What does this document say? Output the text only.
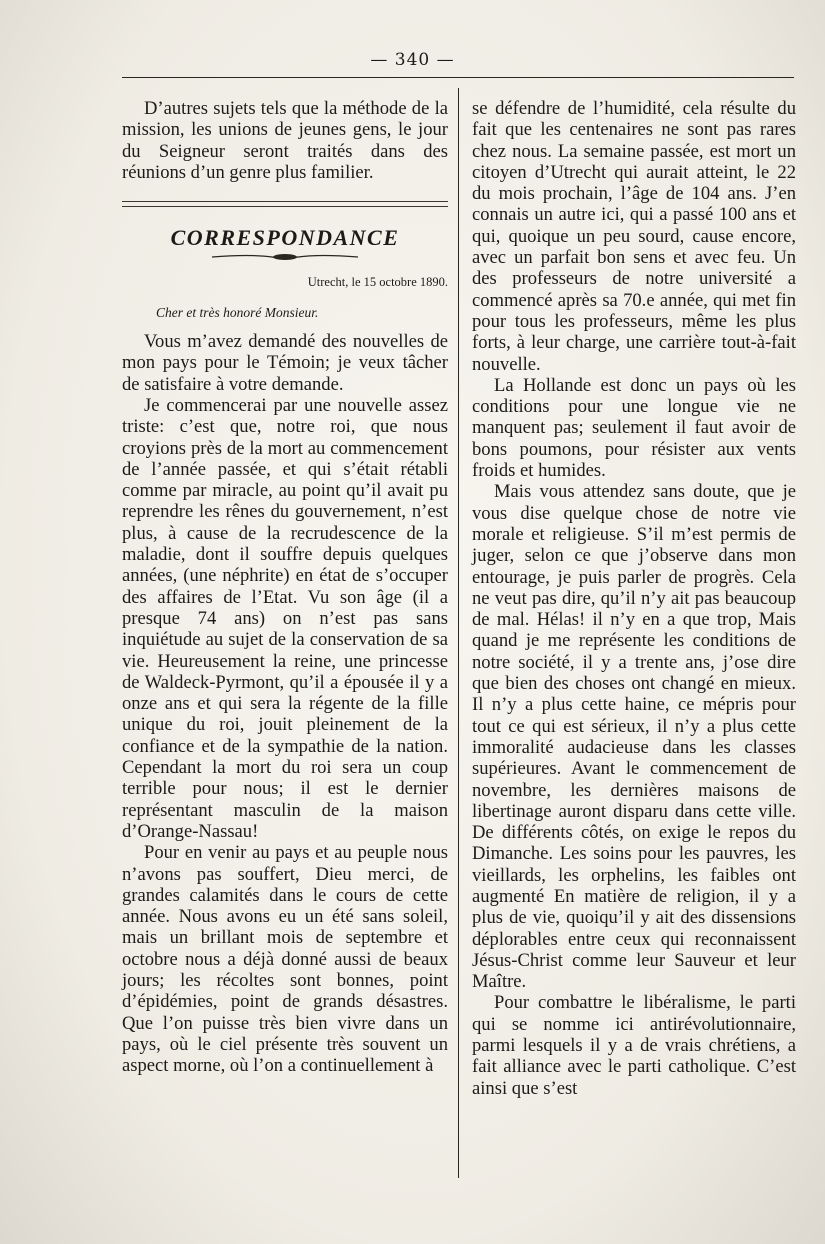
— 340 —

D’autres sujets tels que la méthode de la mission, les unions de jeunes gens, le jour du Seigneur seront traités dans des réunions d’un genre plus familier.

CORRESPONDANCE

Utrecht, le 15 octobre 1890.

Cher et très honoré Monsieur.

Vous m’avez demandé des nouvelles de mon pays pour le Témoin; je veux tâcher de satisfaire à votre demande.

Je commencerai par une nouvelle assez triste: c’est que, notre roi, que nous croyions près de la mort au commencement de l’année passée, et qui s’était rétabli comme par miracle, au point qu’il avait pu reprendre les rênes du gouvernement, n’est plus, à cause de la recrudescence de la maladie, dont il souffre depuis quelques années, (une néphrite) en état de s’occuper des affaires de l’Etat. Vu son âge (il a presque 74 ans) on n’est pas sans inquiétude au sujet de la conservation de sa vie. Heureusement la reine, une princesse de Waldeck-Pyrmont, qu’il a épousée il y a onze ans et qui sera la régente de la fille unique du roi, jouit pleinement de la confiance et de la sympathie de la nation. Cependant la mort du roi sera un coup terrible pour nous; il est le dernier représentant masculin de la maison d’Orange-Nassau!

Pour en venir au pays et au peuple nous n’avons pas souffert, Dieu merci, de grandes calamités dans le cours de cette année. Nous avons eu un été sans soleil, mais un brillant mois de septembre et octobre nous a déjà donné aussi de beaux jours; les récoltes sont bonnes, point d’épidémies, point de grands désastres. Que l’on puisse très bien vivre dans un pays, où le ciel présente très souvent un aspect morne, où l’on a continuellement à

se défendre de l’humidité, cela résulte du fait que les centenaires ne sont pas rares chez nous. La semaine passée, est mort un citoyen d’Utrecht qui aurait atteint, le 22 du mois prochain, l’âge de 104 ans. J’en connais un autre ici, qui a passé 100 ans et qui, quoique un peu sourd, cause encore, avec un parfait bon sens et avec feu. Un des professeurs de notre université a commencé après sa 70.e année, qui met fin pour tous les professeurs, même les plus forts, à leur charge, une carrière tout-à-fait nouvelle.

La Hollande est donc un pays où les conditions pour une longue vie ne manquent pas; seulement il faut avoir de bons poumons, pour résister aux vents froids et humides.

Mais vous attendez sans doute, que je vous dise quelque chose de notre vie morale et religieuse. S’il m’est permis de juger, selon ce que j’observe dans mon entourage, je puis parler de progrès. Cela ne veut pas dire, qu’il n’y ait pas beaucoup de mal. Hélas! il n’y en a que trop, Mais quand je me représente les conditions de notre société, il y a trente ans, j’ose dire que bien des choses ont changé en mieux. Il n’y a plus cette haine, ce mépris pour tout ce qui est sérieux, il n’y a plus cette immoralité audacieuse dans les classes supérieures. Avant le commencement de novembre, les dernières maisons de libertinage auront disparu dans cette ville. De différents côtés, on exige le repos du Dimanche. Les soins pour les pauvres, les vieillards, les orphelins, les faibles ont augmenté En matière de religion, il y a plus de vie, quoiqu’il y ait des dissensions déplorables entre ceux qui reconnaissent Jésus-Christ comme leur Sauveur et leur Maître.

Pour combattre le libéralisme, le parti qui se nomme ici antirévolutionnaire, parmi lesquels il y a de vrais chrétiens, a fait alliance avec le parti catholique. C’est ainsi que s’est
